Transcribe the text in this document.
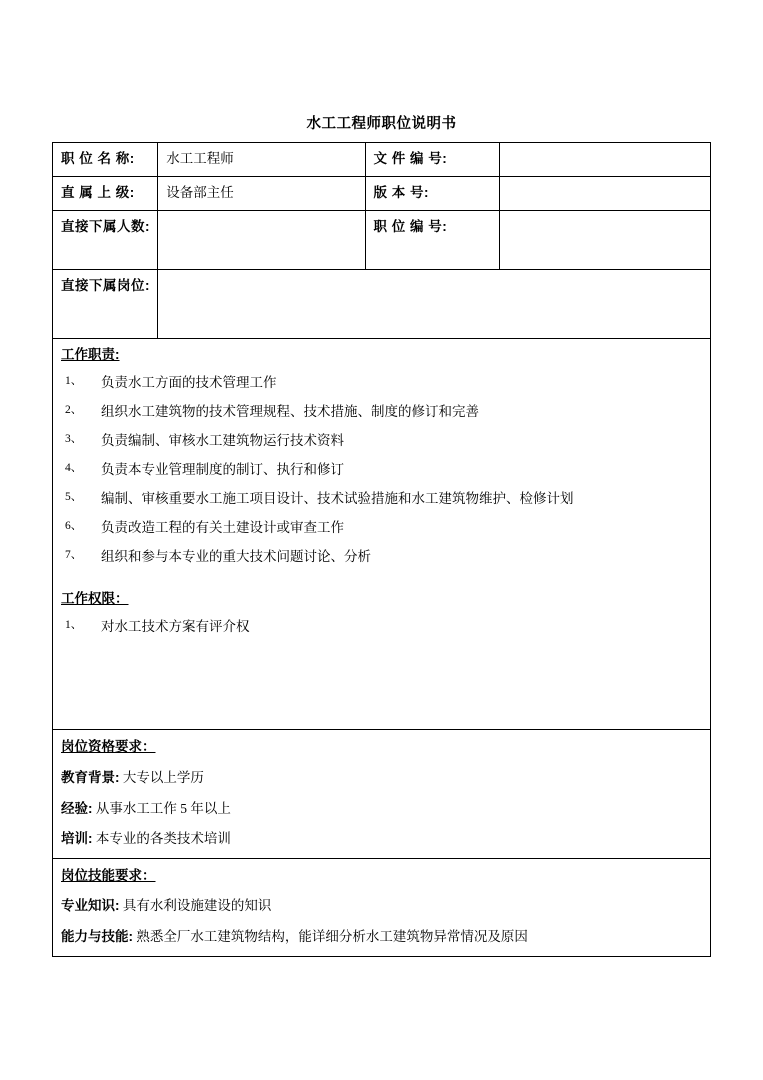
水工工程师职位说明书
职 位 名 称:	水工工程师	文 件 编 号:	
直 属 上 级:	设备部主任	版 本 号:	
直接下属人数:		职 位 编 号:	
直接下属岗位:			
工作职责:
1、	负责水工方面的技术管理工作
2、	组织水工建筑物的技术管理规程、技术措施、制度的修订和完善
3、	负责编制、审核水工建筑物运行技术资料
4、	负责本专业管理制度的制订、执行和修订
5、	编制、审核重要水工施工项目设计、技术试验措施和水工建筑物维护、检修计划
6、	负责改造工程的有关土建设计或审查工作
7、	组织和参与本专业的重大技术问题讨论、分析
工作权限：
1、	对水工技术方案有评介权

岗位资格要求：
教育背景: 大专以上学历
经验: 从事水工工作 5 年以上
培训: 本专业的各类技术培训			

岗位技能要求：
专业知识: 具有水利设施建设的知识
能力与技能: 熟悉全厂水工建筑物结构，能详细分析水工建筑物异常情况及原因			
